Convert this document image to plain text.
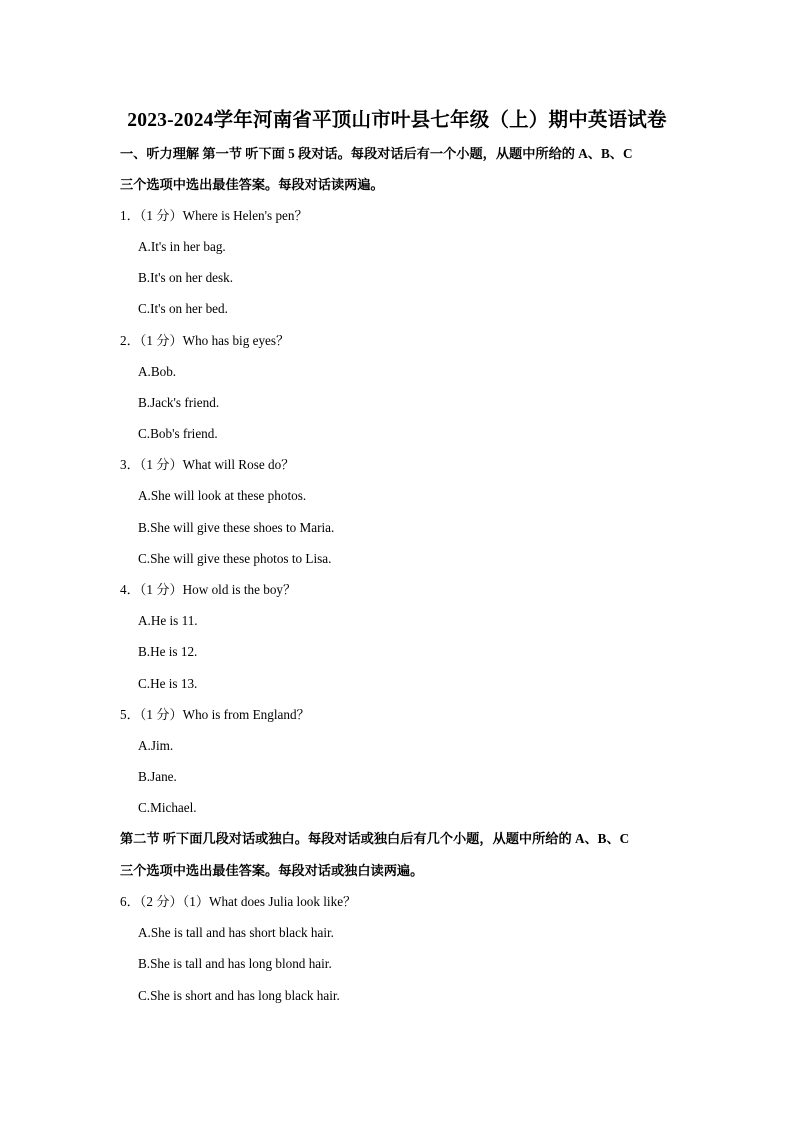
2023-2024学年河南省平顶山市叶县七年级（上）期中英语试卷
一、听力理解 第一节 听下面 5 段对话。每段对话后有一个小题，从题中所给的 A、B、C
三个选项中选出最佳答案。每段对话读两遍。
1．（1 分）Where is Helen's pen？
A.It's in her bag.
B.It's on her desk.
C.It's on her bed.
2．（1 分）Who has big eyes？
A.Bob.
B.Jack's friend.
C.Bob's friend.
3．（1 分）What will Rose do？
A.She will look at these photos.
B.She will give these shoes to Maria.
C.She will give these photos to Lisa.
4．（1 分）How old is the boy？
A.He is 11.
B.He is 12.
C.He is 13.
5．（1 分）Who is from England？
A.Jim.
B.Jane.
C.Michael.
第二节 听下面几段对话或独白。每段对话或独白后有几个小题，从题中所给的 A、B、C
三个选项中选出最佳答案。每段对话或独白读两遍。
6．（2 分）（1）What does Julia look like？
A.She is tall and has short black hair.
B.She is tall and has long blond hair.
C.She is short and has long black hair.
